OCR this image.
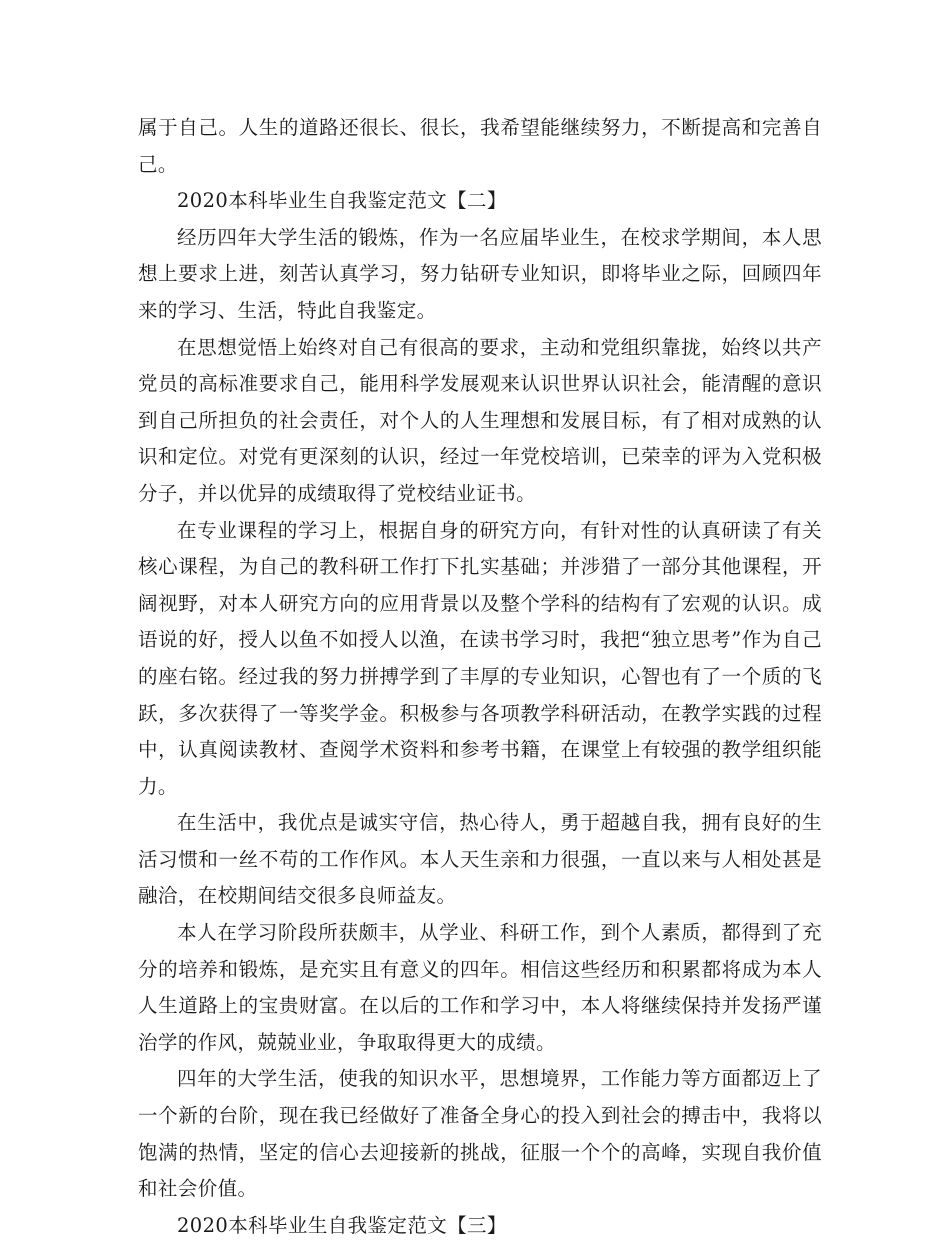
属于自己。人生的道路还很长、很长，我希望能继续努力，不断提高和完善自己。

2020本科毕业生自我鉴定范文【二】

经历四年大学生活的锻炼，作为一名应届毕业生，在校求学期间，本人思想上要求上进，刻苦认真学习，努力钻研专业知识，即将毕业之际，回顾四年来的学习、生活，特此自我鉴定。

在思想觉悟上始终对自己有很高的要求，主动和党组织靠拢，始终以共产党员的高标准要求自己，能用科学发展观来认识世界认识社会，能清醒的意识到自己所担负的社会责任，对个人的人生理想和发展目标，有了相对成熟的认识和定位。对党有更深刻的认识，经过一年党校培训，已荣幸的评为入党积极分子，并以优异的成绩取得了党校结业证书。

在专业课程的学习上，根据自身的研究方向，有针对性的认真研读了有关核心课程，为自己的教科研工作打下扎实基础；并涉猎了一部分其他课程，开阔视野，对本人研究方向的应用背景以及整个学科的结构有了宏观的认识。成语说的好，授人以鱼不如授人以渔，在读书学习时，我把“独立思考”作为自己的座右铭。经过我的努力拼搏学到了丰厚的专业知识，心智也有了一个质的飞跃，多次获得了一等奖学金。积极参与各项教学科研活动，在教学实践的过程中，认真阅读教材、查阅学术资料和参考书籍，在课堂上有较强的教学组织能力。

在生活中，我优点是诚实守信，热心待人，勇于超越自我，拥有良好的生活习惯和一丝不苟的工作作风。本人天生亲和力很强，一直以来与人相处甚是融洽，在校期间结交很多良师益友。

本人在学习阶段所获颇丰，从学业、科研工作，到个人素质，都得到了充分的培养和锻炼，是充实且有意义的四年。相信这些经历和积累都将成为本人人生道路上的宝贵财富。在以后的工作和学习中，本人将继续保持并发扬严谨治学的作风，兢兢业业，争取取得更大的成绩。

四年的大学生活，使我的知识水平，思想境界，工作能力等方面都迈上了一个新的台阶，现在我已经做好了准备全身心的投入到社会的搏击中，我将以饱满的热情，坚定的信心去迎接新的挑战，征服一个个的高峰，实现自我价值和社会价值。

2020本科毕业生自我鉴定范文【三】
